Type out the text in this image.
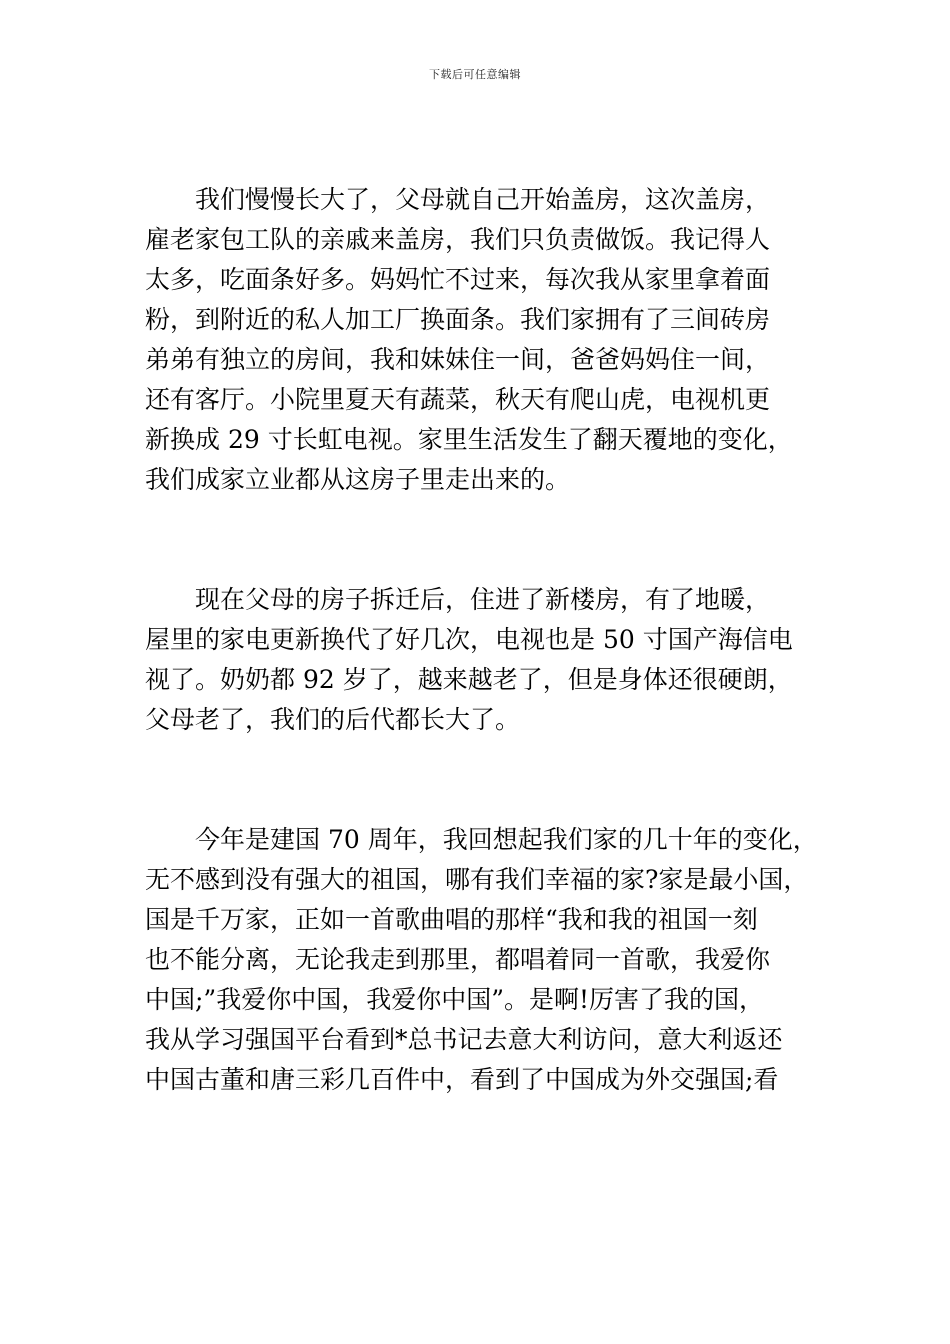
下载后可任意编辑

　　我们慢慢长大了，父母就自己开始盖房，这次盖房，
雇老家包工队的亲戚来盖房，我们只负责做饭。我记得人
太多，吃面条好多。妈妈忙不过来，每次我从家里拿着面
粉，到附近的私人加工厂换面条。我们家拥有了三间砖房
弟弟有独立的房间，我和妹妹住一间，爸爸妈妈住一间，
还有客厅。小院里夏天有蔬菜，秋天有爬山虎，电视机更
新换成 29 寸长虹电视。家里生活发生了翻天覆地的变化，
我们成家立业都从这房子里走出来的。

　　现在父母的房子拆迁后，住进了新楼房，有了地暖，
屋里的家电更新换代了好几次，电视也是 50 寸国产海信电
视了。奶奶都 92 岁了，越来越老了，但是身体还很硬朗，
父母老了，我们的后代都长大了。

　　今年是建国 70 周年，我回想起我们家的几十年的变化，
无不感到没有强大的祖国，哪有我们幸福的家?家是最小国，
国是千万家，正如一首歌曲唱的那样“我和我的祖国一刻
也不能分离，无论我走到那里，都唱着同一首歌，我爱你
中国;”我爱你中国，我爱你中国”。是啊!厉害了我的国，
我从学习强国平台看到*总书记去意大利访问，意大利返还
中国古董和唐三彩几百件中，看到了中国成为外交强国;看
